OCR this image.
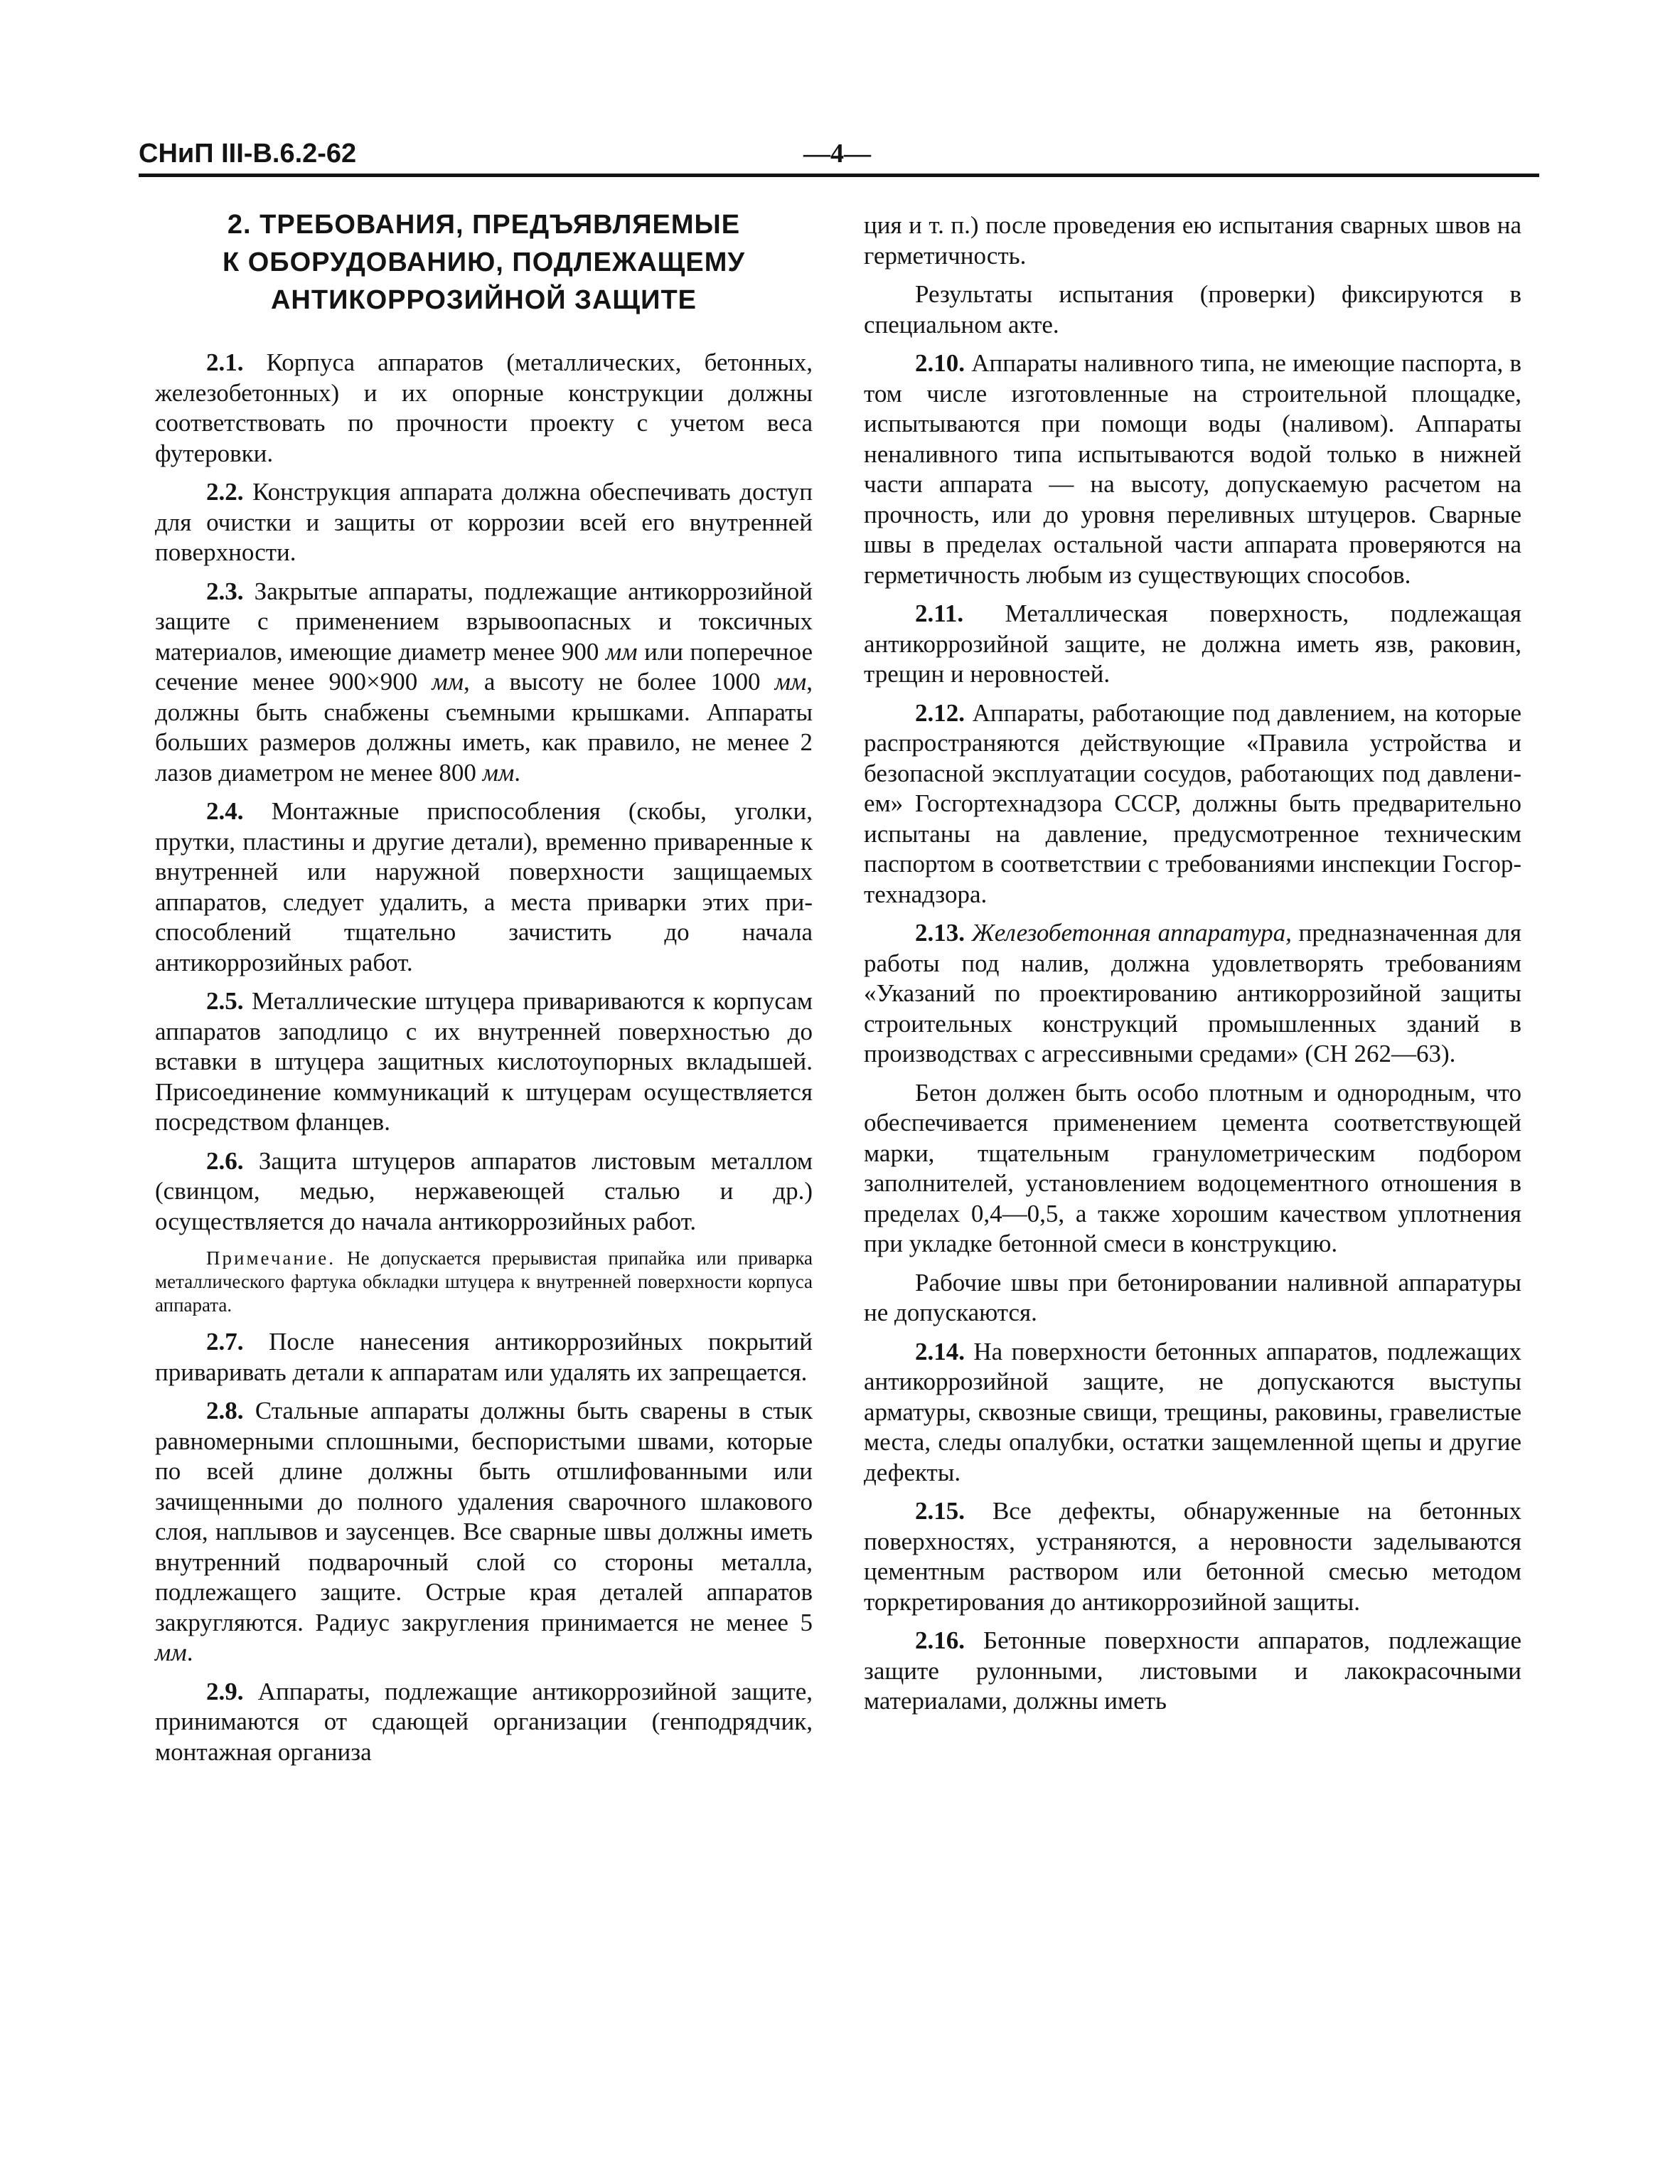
СНиП III-В.6.2-62	—4—
2. ТРЕБОВАНИЯ, ПРЕДЪЯВЛЯЕМЫЕ
К ОБОРУДОВАНИЮ, ПОДЛЕЖАЩЕМУ
АНТИКОРРОЗИЙНОЙ ЗАЩИТЕ

2.1. Корпуса аппаратов (металлических, бетонных, железобетонных) и их опорные конструкции должны соответствовать по прочности проекту с учетом веса футеровки.

2.2. Конструкция аппарата должна обеспечивать доступ для очистки и защиты от коррозии всей его внутренней поверхности.

2.3. Закрытые аппараты, подлежащие антикоррозийной защите с применением взрывоопасных и токсичных материалов, имеющие диаметр менее 900 мм или поперечное сечение менее 900×900 мм, а высоту не более 1000 мм, должны быть снабжены съемными крышками. Аппараты больших размеров должны иметь, как правило, не менее 2 лазов диаметром не менее 800 мм.

2.4. Монтажные приспособления (скобы, уголки, прутки, пластины и другие детали), временно приваренные к внутренней или наружной поверхности защищаемых аппаратов, следует удалить, а места приварки этих приспособлений тщательно зачистить до начала антикоррозийных работ.

2.5. Металлические штуцера привариваются к корпусам аппаратов заподлицо с их внутренней поверхностью до вставки в штуцера защитных кислотоупорных вкладышей. Присоединение коммуникаций к штуцерам осуществляется посредством фланцев.

2.6. Защита штуцеров аппаратов листовым металлом (свинцом, медью, нержавеющей сталью и др.) осуществляется до начала антикоррозийных работ.

Примечание. Не допускается прерывистая припайка или приварка металлического фартука обкладки штуцера к внутренней поверхности корпуса аппарата.

2.7. После нанесения антикоррозийных покрытий приваривать детали к аппаратам или удалять их запрещается.

2.8. Стальные аппараты должны быть сварены в стык равномерными сплошными, беспористыми швами, которые по всей длине должны быть отшлифованными или зачищенными до полного удаления сварочного шлакового слоя, наплывов и заусенцев. Все сварные швы должны иметь внутренний подварочный слой со стороны металла, подлежащего защите. Острые края деталей аппаратов закругляются. Радиус закругления принимается не менее 5 мм.

2.9. Аппараты, подлежащие антикоррозийной защите, принимаются от сдающей организации (генподрядчик, монтажная организа

ция и т. п.) после проведения ею испытания сварных швов на герметичность.

Результаты испытания (проверки) фиксируются в специальном акте.

2.10. Аппараты наливного типа, не имеющие паспорта, в том числе изготовленные на строительной площадке, испытываются при помощи воды (наливом). Аппараты неналивного типа испытываются водой только в нижней части аппарата — на высоту, допускаемую расчетом на прочность, или до уровня переливных штуцеров. Сварные швы в пределах остальной части аппарата проверяются на герметичность любым из существующих способов.

2.11. Металлическая поверхность, подлежащая антикоррозийной защите, не должна иметь язв, раковин, трещин и неровностей.

2.12. Аппараты, работающие под давлением, на которые распространяются действующие «Правила устройства и безопасной эксплуатации сосудов, работающих под давлением» Госгортехнадзора СССР, должны быть предварительно испытаны на давление, предусмотренное техническим паспортом в соответствии с требованиями инспекции Госгортехнадзора.

2.13. Железобетонная аппаратура, предназначенная для работы под налив, должна удовлетворять требованиям «Указаний по проектированию антикоррозийной защиты строительных конструкций промышленных зданий в производствах с агрессивными средами» (СН 262—63).

Бетон должен быть особо плотным и однородным, что обеспечивается применением цемента соответствующей марки, тщательным гранулометрическим подбором заполнителей, установлением водоцементного отношения в пределах 0,4—0,5, а также хорошим качеством уплотнения при укладке бетонной смеси в конструкцию.

Рабочие швы при бетонировании наливной аппаратуры не допускаются.

2.14. На поверхности бетонных аппаратов, подлежащих антикоррозийной защите, не допускаются выступы арматуры, сквозные свищи, трещины, раковины, гравелистые места, следы опалубки, остатки защемленной щепы и другие дефекты.

2.15. Все дефекты, обнаруженные на бетонных поверхностях, устраняются, а неровности заделываются цементным раствором или бетонной смесью методом торкретирования до антикоррозийной защиты.

2.16. Бетонные поверхности аппаратов, подлежащие защите рулонными, листовыми и лакокрасочными материалами, должны иметь
